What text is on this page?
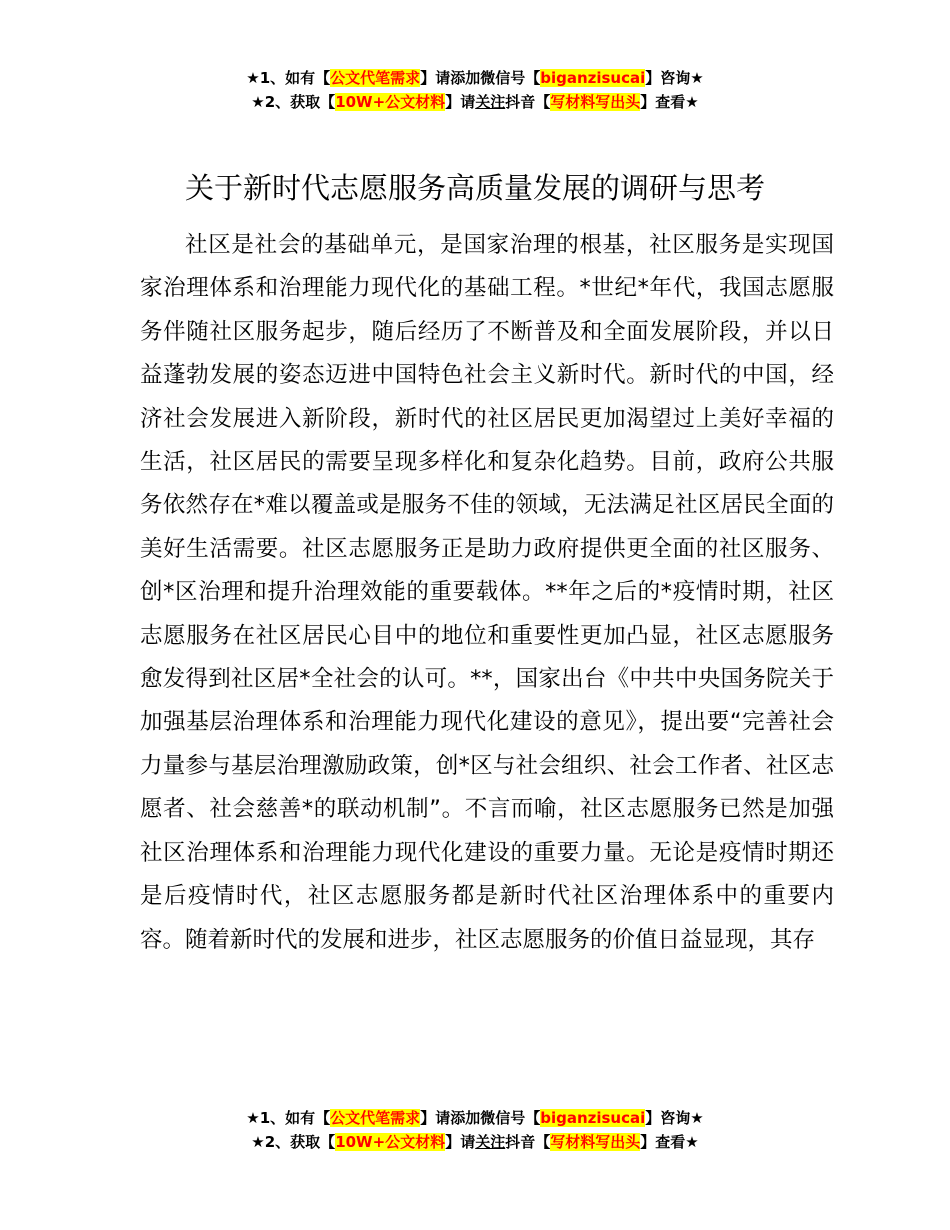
★1、如有【公文代笔需求】请添加微信号【biganzisucai】咨询★
★2、获取【10W+公文材料】请关注抖音【写材料写出头】查看★
关于新时代志愿服务高质量发展的调研与思考

社区是社会的基础单元，是国家治理的根基，社区服务是实现国家治理体系和治理能力现代化的基础工程。*世纪*年代，我国志愿服务伴随社区服务起步，随后经历了不断普及和全面发展阶段，并以日益蓬勃发展的姿态迈进中国特色社会主义新时代。新时代的中国，经济社会发展进入新阶段，新时代的社区居民更加渴望过上美好幸福的生活，社区居民的需要呈现多样化和复杂化趋势。目前，政府公共服务依然存在*难以覆盖或是服务不佳的领域，无法满足社区居民全面的美好生活需要。社区志愿服务正是助力政府提供更全面的社区服务、创*区治理和提升治理效能的重要载体。**年之后的*疫情时期，社区志愿服务在社区居民心目中的地位和重要性更加凸显，社区志愿服务愈发得到社区居*全社会的认可。**，国家出台《中共中央国务院关于加强基层治理体系和治理能力现代化建设的意见》，提出要“完善社会力量参与基层治理激励政策，创*区与社会组织、社会工作者、社区志愿者、社会慈善*的联动机制”。不言而喻，社区志愿服务已然是加强社区治理体系和治理能力现代化建设的重要力量。无论是疫情时期还是后疫情时代，社区志愿服务都是新时代社区治理体系中的重要内容。随着新时代的发展和进步，社区志愿服务的价值日益显现，其存

★1、如有【公文代笔需求】请添加微信号【biganzisucai】咨询★
★2、获取【10W+公文材料】请关注抖音【写材料写出头】查看★
